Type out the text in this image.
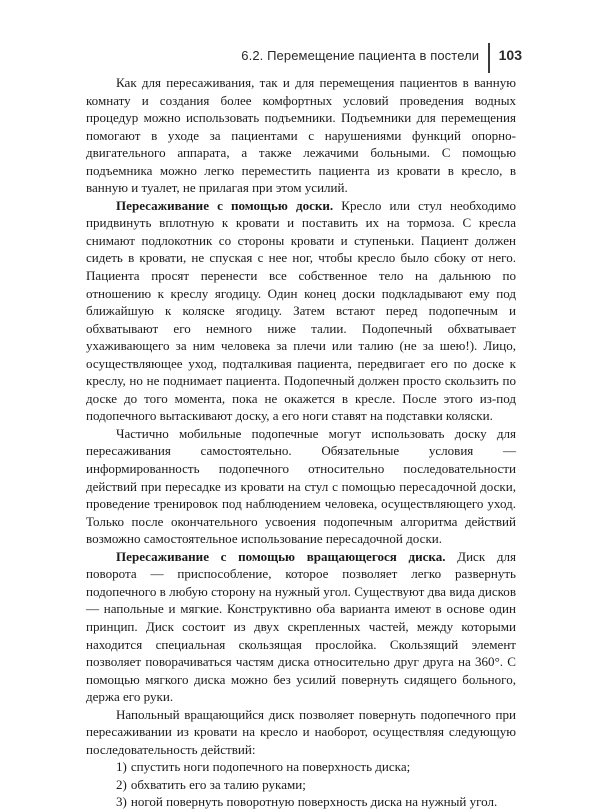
6.2. Перемещение пациента в постели 103

Как для пересаживания, так и для перемещения пациентов в ванную комнату и создания более комфортных условий проведения водных процедур можно использовать подъемники. Подъемники для перемещения помогают в уходе за пациентами с нарушениями функций опорно-двигательного аппарата, а также лежачими больными. С помощью подъемника можно легко переместить пациента из кровати в кресло, в ванную и туалет, не прилагая при этом усилий.

Пересаживание с помощью доски. Кресло или стул необходимо придвинуть вплотную к кровати и поставить их на тормоза. С кресла снимают подлокотник со стороны кровати и ступеньки. Пациент должен сидеть в кровати, не спуская с нее ног, чтобы кресло было сбоку от него. Пациента просят перенести все собственное тело на дальнюю по отношению к креслу ягодицу. Один конец доски подкладывают ему под ближайшую к коляске ягодицу. Затем встают перед подопечным и обхватывают его немного ниже талии. Подопечный обхватывает ухаживающего за ним человека за плечи или талию (не за шею!). Лицо, осуществляющее уход, подталкивая пациента, передвигает его по доске к креслу, но не поднимает пациента. Подопечный должен просто скользить по доске до того момента, пока не окажется в кресле. После этого из-под подопечного вытаскивают доску, а его ноги ставят на подставки коляски.

Частично мобильные подопечные могут использовать доску для пересаживания самостоятельно. Обязательные условия — информированность подопечного относительно последовательности действий при пересадке из кровати на стул с помощью пересадочной доски, проведение тренировок под наблюдением человека, осуществляющего уход. Только после окончательного усвоения подопечным алгоритма действий возможно самостоятельное использование пересадочной доски.

Пересаживание с помощью вращающегося диска. Диск для поворота — приспособление, которое позволяет легко развернуть подопечного в любую сторону на нужный угол. Существуют два вида дисков — напольные и мягкие. Конструктивно оба варианта имеют в основе один принцип. Диск состоит из двух скрепленных частей, между которыми находится специальная скользящая прослойка. Скользящий элемент позволяет поворачиваться частям диска относительно друг друга на 360°. С помощью мягкого диска можно без усилий повернуть сидящего больного, держа его руки.

Напольный вращающийся диск позволяет повернуть подопечного при пересаживании из кровати на кресло и наоборот, осуществляя следующую последовательность действий:

1) спустить ноги подопечного на поверхность диска;
2) обхватить его за талию руками;
3) ногой повернуть поворотную поверхность диска на нужный угол.
